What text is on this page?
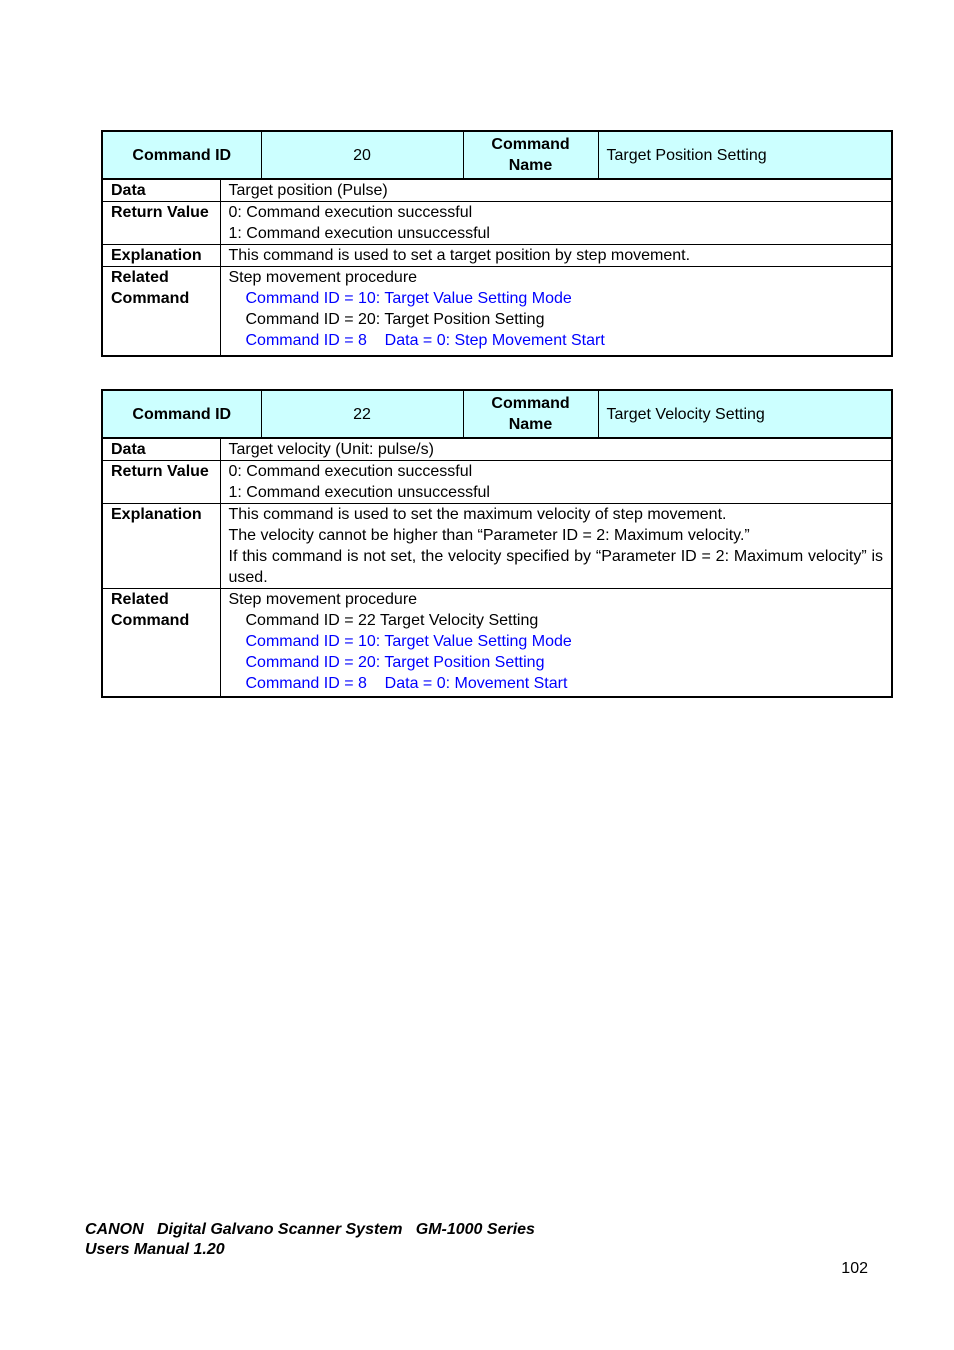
Command ID		20	Command Name	Target Position Setting
Data	Target position (Pulse)			
Return Value	0: Command execution successful
1: Command execution unsuccessful			

Explanation	This command is used to set a target position by step movement.			

Related Command	Step movement procedure
Command ID = 10: Target Value Setting Mode
Command ID = 20: Target Position Setting
Command ID = 8    Data = 0: Step Movement Start			
Command ID		22	Command Name	Target Velocity Setting
Data	Target velocity (Unit: pulse/s)			
Return Value	0: Command execution successful
1: Command execution unsuccessful			

Explanation	This command is used to set the maximum velocity of step movement.
The velocity cannot be higher than “Parameter ID = 2: Maximum velocity.”
If this command is not set, the velocity specified by “Parameter ID = 2: Maximum velocity” is used.			

Related Command	Step movement procedure
Command ID = 22 Target Velocity Setting
Command ID = 10: Target Value Setting Mode
Command ID = 20: Target Position Setting
Command ID = 8    Data = 0: Movement Start			
CANON   Digital Galvano Scanner System   GM-1000 Series
Users Manual 1.20
102
